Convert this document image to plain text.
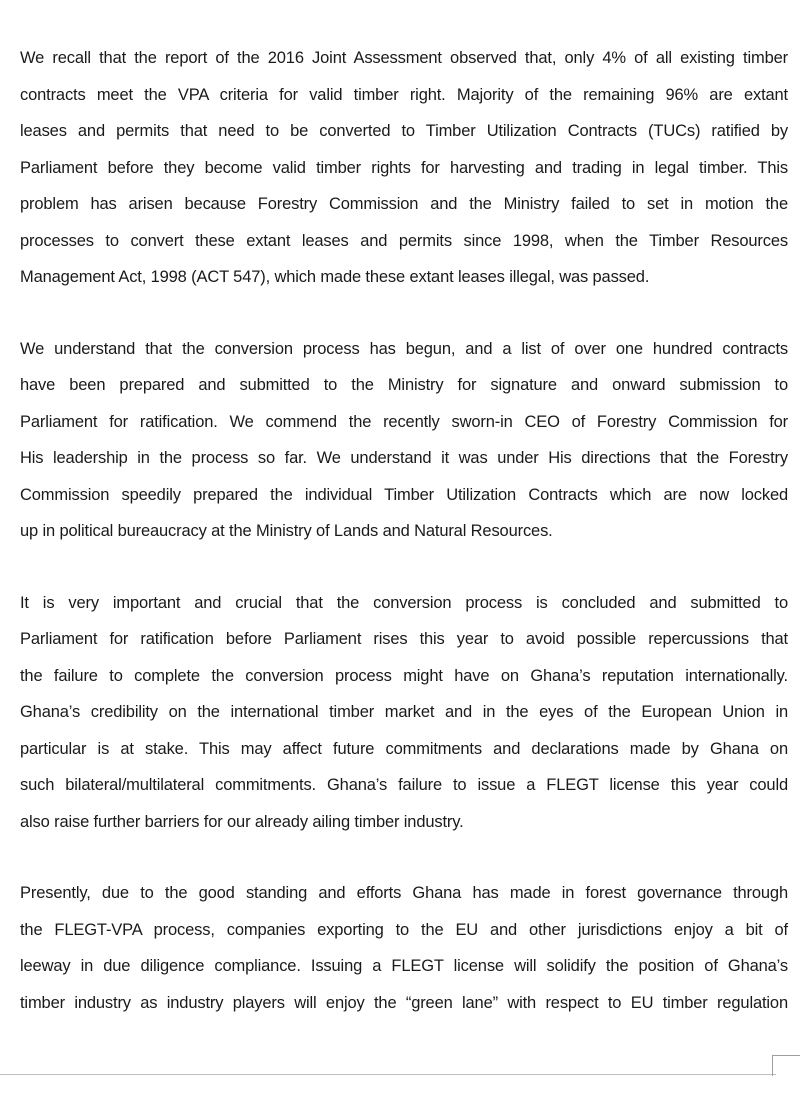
We recall that the report of the 2016 Joint Assessment observed that, only 4% of all existing timber
contracts meet the VPA criteria for valid timber right. Majority of the remaining 96% are extant
leases and permits that need to be converted to Timber Utilization Contracts (TUCs) ratified by
Parliament before they become valid timber rights for harvesting and trading in legal timber. This
problem has arisen because Forestry Commission and the Ministry failed to set in motion the
processes to convert these extant leases and permits since 1998, when the Timber Resources
Management Act, 1998 (ACT 547), which made these extant leases illegal, was passed.
We understand that the conversion process has begun, and a list of over one hundred contracts
have been prepared and submitted to the Ministry for signature and onward submission to
Parliament for ratification. We commend the recently sworn-in CEO of Forestry Commission for
His leadership in the process so far. We understand it was under His directions that the Forestry
Commission speedily prepared the individual Timber Utilization Contracts which are now locked
up in political bureaucracy at the Ministry of Lands and Natural Resources.
It is very important and crucial that the conversion process is concluded and submitted to
Parliament for ratification before Parliament rises this year to avoid possible repercussions that
the failure to complete the conversion process might have on Ghana’s reputation internationally.
Ghana’s credibility on the international timber market and in the eyes of the European Union in
particular is at stake. This may affect future commitments and declarations made by Ghana on
such bilateral/multilateral commitments. Ghana’s failure to issue a FLEGT license this year could
also raise further barriers for our already ailing timber industry.
Presently, due to the good standing and efforts Ghana has made in forest governance through
the FLEGT-VPA process, companies exporting to the EU and other jurisdictions enjoy a bit of
leeway in due diligence compliance. Issuing a FLEGT license will solidify the position of Ghana’s
timber industry as industry players will enjoy the “green lane” with respect to EU timber regulation
